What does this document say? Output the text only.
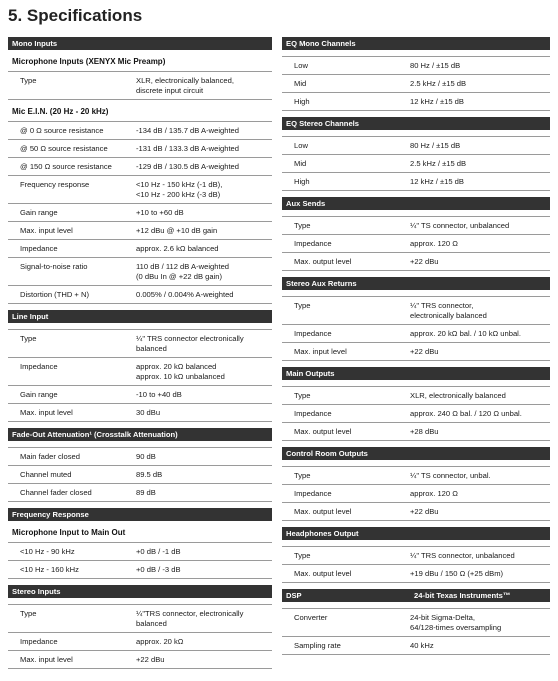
5. Specifications
Mono Inputs
Microphone Inputs (XENYX Mic Preamp)
Type	XLR, electronically balanced,
discrete input circuit
Mic E.I.N. (20 Hz - 20 kHz)
@ 0 Ω source resistance	-134 dB / 135.7 dB A-weighted
@ 50 Ω source resistance	-131 dB / 133.3 dB A-weighted
@ 150 Ω source resistance	-129 dB / 130.5 dB A-weighted
Frequency response	<10 Hz - 150 kHz (-1 dB),
<10 Hz - 200 kHz (-3 dB)
Gain range	+10 to +60 dB
Max. input level	+12 dBu @ +10 dB gain
Impedance	approx. 2.6 kΩ balanced
Signal-to-noise ratio	110 dB / 112 dB A-weighted
(0 dBu In @ +22 dB gain)
Distortion (THD + N)	0.005% / 0.004% A-weighted
Line Input
Type	¼" TRS connector electronically balanced
Impedance	approx. 20 kΩ balanced
approx. 10 kΩ unbalanced
Gain range	-10 to +40 dB
Max. input level	30 dBu
Fade-Out Attenuation¹ (Crosstalk Attenuation)
Main fader closed	90 dB
Channel muted	89.5 dB
Channel fader closed	89 dB
Frequency Response
Microphone Input to Main Out
<10 Hz - 90 kHz	+0 dB / -1 dB
<10 Hz - 160 kHz	+0 dB / -3 dB
Stereo Inputs
Type	¼"TRS connector, electronically balanced
Impedance	approx. 20 kΩ
Max. input level	+22 dBu
EQ Mono Channels
Low	80 Hz / ±15 dB
Mid	2.5 kHz / ±15 dB
High	12 kHz / ±15 dB
EQ Stereo Channels
Low	80 Hz / ±15 dB
Mid	2.5 kHz / ±15 dB
High	12 kHz / ±15 dB
Aux Sends
Type	¼" TS connector, unbalanced
Impedance	approx. 120 Ω
Max. output level	+22 dBu
Stereo Aux Returns
Type	¼" TRS connector,
electronically balanced
Impedance	approx. 20 kΩ bal. / 10 kΩ unbal.
Max. input level	+22 dBu
Main Outputs
Type	XLR, electronically balanced
Impedance	approx. 240 Ω bal. / 120 Ω unbal.
Max. output level	+28 dBu
Control Room Outputs
Type	¼" TS connector, unbal.
Impedance	approx. 120 Ω
Max. output level	+22 dBu
Headphones Output
Type	¼" TRS connector, unbalanced
Max. output level	+19 dBu / 150 Ω (+25 dBm)
DSP	24-bit Texas Instruments™
Converter	24-bit Sigma-Delta,
64/128-times oversampling
Sampling rate	40 kHz
